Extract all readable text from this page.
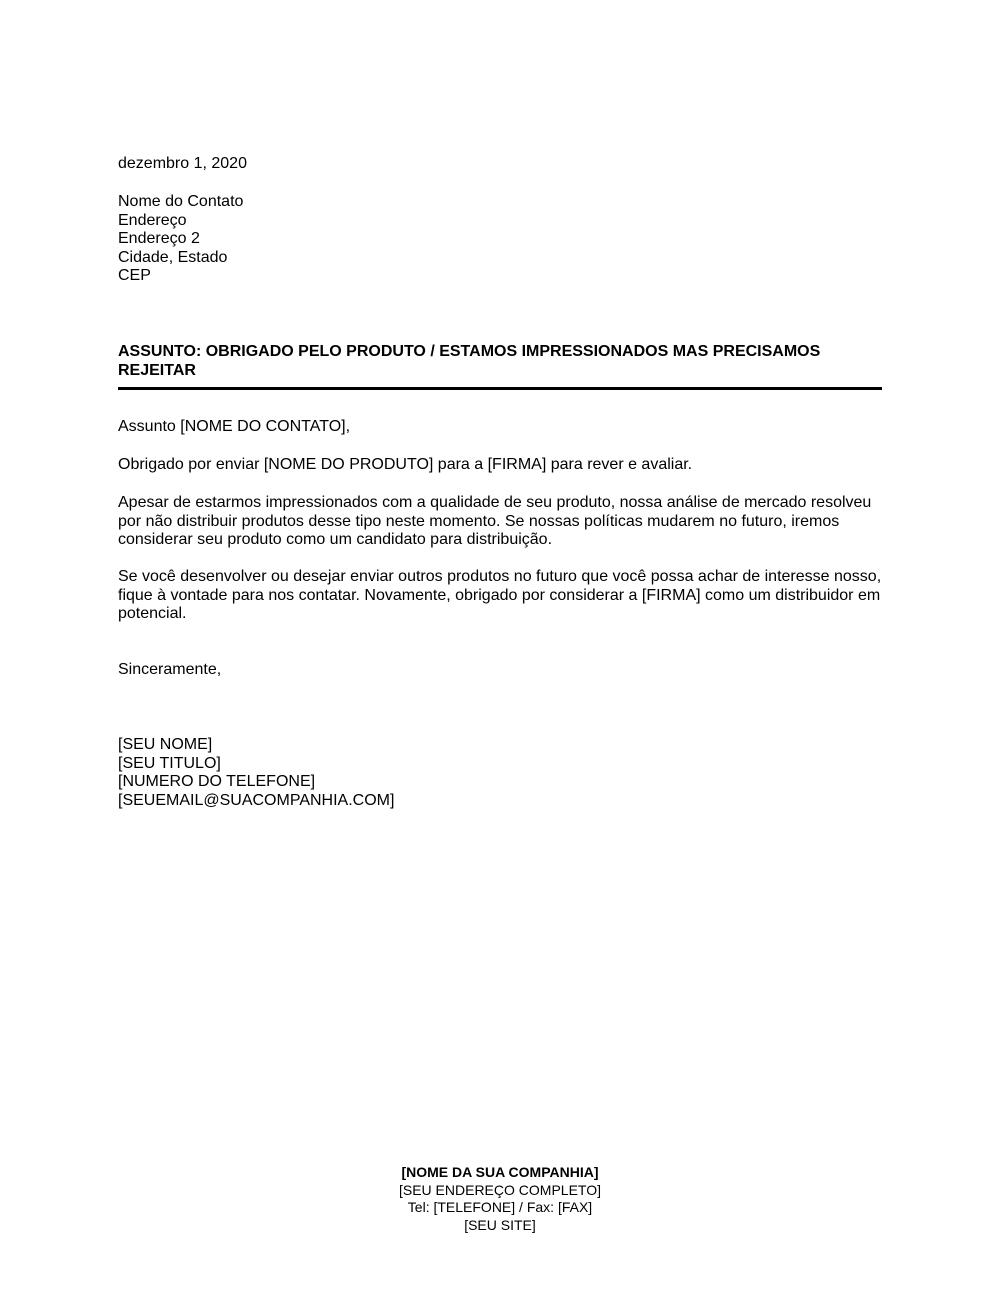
dezembro 1, 2020
Nome do Contato
Endereço
Endereço 2
Cidade, Estado
CEP
ASSUNTO: OBRIGADO PELO PRODUTO / ESTAMOS IMPRESSIONADOS MAS PRECISAMOS REJEITAR
Assunto [NOME DO CONTATO],
Obrigado por enviar [NOME DO PRODUTO] para a [FIRMA] para rever e avaliar.
Apesar de estarmos impressionados com a qualidade de seu produto, nossa análise de mercado resolveu por não distribuir produtos desse tipo neste momento. Se nossas políticas mudarem no futuro, iremos considerar seu produto como um candidato para distribuição.
Se você desenvolver ou desejar enviar outros produtos no futuro que você possa achar de interesse nosso, fique à vontade para nos contatar. Novamente, obrigado por considerar a [FIRMA] como um distribuidor em potencial.
Sinceramente,
[SEU NOME]
[SEU TITULO]
[NUMERO DO TELEFONE]
[SEUEMAIL@SUACOMPANHIA.COM]
[NOME DA SUA COMPANHIA]
[SEU ENDEREÇO COMPLETO]
Tel: [TELEFONE] / Fax: [FAX]
[SEU SITE]
